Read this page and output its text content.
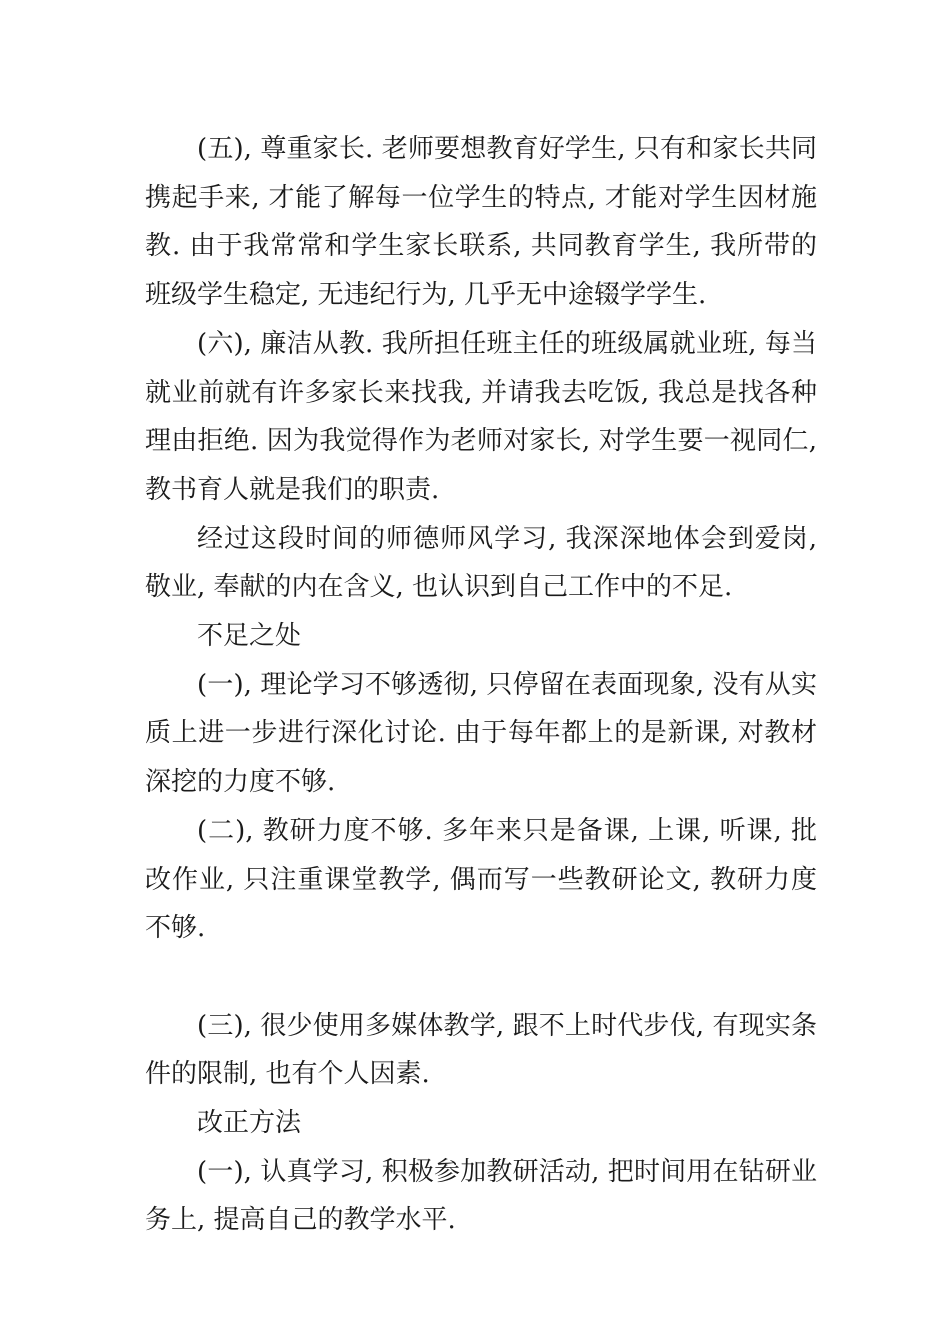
(五), 尊重家长. 老师要想教育好学生, 只有和家长共同携起手来, 才能了解每一位学生的特点, 才能对学生因材施教. 由于我常常和学生家长联系, 共同教育学生, 我所带的班级学生稳定, 无违纪行为, 几乎无中途辍学学生.

(六), 廉洁从教. 我所担任班主任的班级属就业班, 每当就业前就有许多家长来找我, 并请我去吃饭, 我总是找各种理由拒绝. 因为我觉得作为老师对家长, 对学生要一视同仁, 教书育人就是我们的职责.

经过这段时间的师德师风学习, 我深深地体会到爱岗, 敬业, 奉献的内在含义, 也认识到自己工作中的不足.

不足之处

(一), 理论学习不够透彻, 只停留在表面现象, 没有从实质上进一步进行深化讨论. 由于每年都上的是新课, 对教材深挖的力度不够.

(二), 教研力度不够. 多年来只是备课, 上课, 听课, 批改作业, 只注重课堂教学, 偶而写一些教研论文, 教研力度不够.

(三), 很少使用多媒体教学, 跟不上时代步伐, 有现实条件的限制, 也有个人因素.

改正方法

(一), 认真学习, 积极参加教研活动, 把时间用在钻研业务上, 提高自己的教学水平.
